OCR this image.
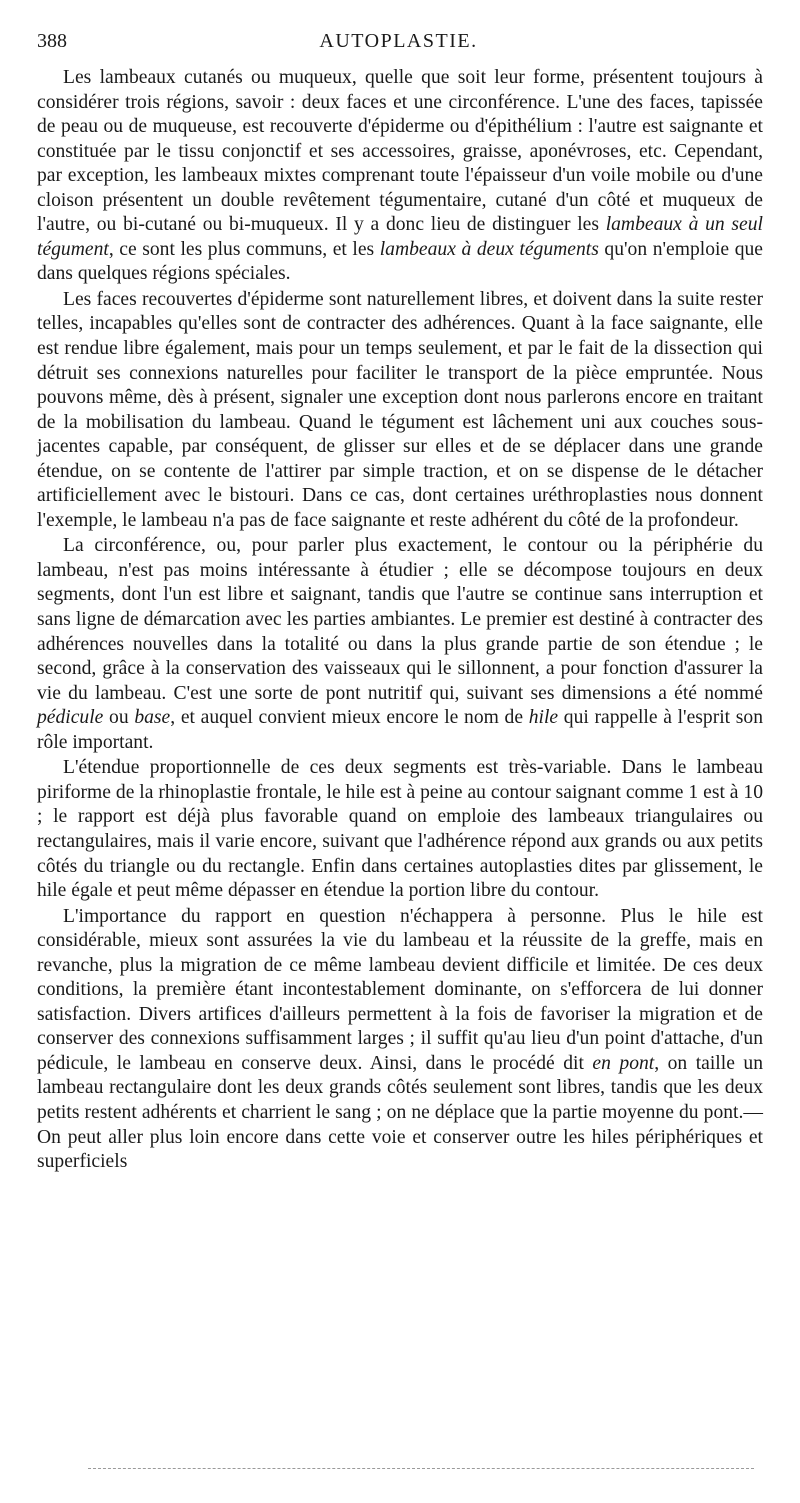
388	AUTOPLASTIE.

Les lambeaux cutanés ou muqueux, quelle que soit leur forme, présentent toujours à considérer trois régions, savoir : deux faces et une circonférence. L'une des faces, tapissée de peau ou de muqueuse, est recouverte d'épiderme ou d'épithélium : l'autre est saignante et constituée par le tissu conjonctif et ses accessoires, graisse, aponévroses, etc. Cependant, par exception, les lambeaux mixtes comprenant toute l'épaisseur d'un voile mobile ou d'une cloison présentent un double revêtement tégumentaire, cutané d'un côté et muqueux de l'autre, ou bi-cutané ou bi-muqueux. Il y a donc lieu de distinguer les lambeaux à un seul tégument, ce sont les plus communs, et les lambeaux à deux téguments qu'on n'emploie que dans quelques régions spéciales.

Les faces recouvertes d'épiderme sont naturellement libres, et doivent dans la suite rester telles, incapables qu'elles sont de contracter des adhérences. Quant à la face saignante, elle est rendue libre également, mais pour un temps seulement, et par le fait de la dissection qui détruit ses connexions naturelles pour faciliter le transport de la pièce empruntée. Nous pouvons même, dès à présent, signaler une exception dont nous parlerons encore en traitant de la mobilisation du lambeau. Quand le tégument est lâchement uni aux couches sous-jacentes capable, par conséquent, de glisser sur elles et de se déplacer dans une grande étendue, on se contente de l'attirer par simple traction, et on se dispense de le détacher artificiellement avec le bistouri. Dans ce cas, dont certaines uréthroplasties nous donnent l'exemple, le lambeau n'a pas de face saignante et reste adhérent du côté de la profondeur.

La circonférence, ou, pour parler plus exactement, le contour ou la périphérie du lambeau, n'est pas moins intéressante à étudier ; elle se décompose toujours en deux segments, dont l'un est libre et saignant, tandis que l'autre se continue sans interruption et sans ligne de démarcation avec les parties ambiantes. Le premier est destiné à contracter des adhérences nouvelles dans la totalité ou dans la plus grande partie de son étendue ; le second, grâce à la conservation des vaisseaux qui le sillonnent, a pour fonction d'assurer la vie du lambeau. C'est une sorte de pont nutritif qui, suivant ses dimensions a été nommé pédicule ou base, et auquel convient mieux encore le nom de hile qui rappelle à l'esprit son rôle important.

L'étendue proportionnelle de ces deux segments est très-variable. Dans le lambeau piriforme de la rhinoplastie frontale, le hile est à peine au contour saignant comme 1 est à 10 ; le rapport est déjà plus favorable quand on emploie des lambeaux triangulaires ou rectangulaires, mais il varie encore, suivant que l'adhérence répond aux grands ou aux petits côtés du triangle ou du rectangle. Enfin dans certaines autoplasties dites par glissement, le hile égale et peut même dépasser en étendue la portion libre du contour.

L'importance du rapport en question n'échappera à personne. Plus le hile est considérable, mieux sont assurées la vie du lambeau et la réussite de la greffe, mais en revanche, plus la migration de ce même lambeau devient difficile et limitée. De ces deux conditions, la première étant incontestablement dominante, on s'efforcera de lui donner satisfaction. Divers artifices d'ailleurs permettent à la fois de favoriser la migration et de conserver des connexions suffisamment larges ; il suffit qu'au lieu d'un point d'attache, d'un pédicule, le lambeau en conserve deux. Ainsi, dans le procédé dit en pont, on taille un lambeau rectangulaire dont les deux grands côtés seulement sont libres, tandis que les deux petits restent adhérents et charrient le sang ; on ne déplace que la partie moyenne du pont.—On peut aller plus loin encore dans cette voie et conserver outre les hiles périphériques et superficiels
